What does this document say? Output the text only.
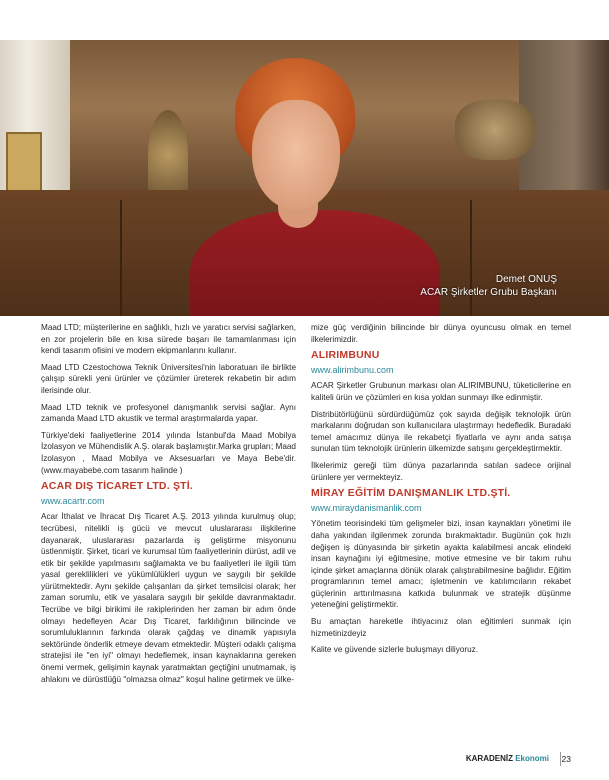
Demet ONUŞ
ACAR Şirketler Grubu Başkanı

Maad LTD; müşterilerine en sağlıklı, hızlı ve yaratıcı servisi sağlarken, en zor projelerin bile en kısa sürede başarı ile tamamlanması için kendi tasarım ofisini ve modern ekipmanlarını kullanır.

Maad LTD Czestochowa Teknik Üniversitesi'nin laboratuarı ile birlikte çalışıp sürekli yeni ürünler ve çözümler üreterek rekabetin bir adım ilerisinde olur.

Maad LTD teknik ve profesyonel danışmanlık servisi sağlar. Aynı zamanda Maad LTD akustik ve termal araştırmalarda yapar.

Türkiye'deki faaliyetlerine 2014 yılında İstanbul'da Maad Mobilya İzolasyon ve Mühendislik A.Ş. olarak başlamıştır.Marka grupları; Maad İzolasyon , Maad Mobilya ve Aksesuarları ve Maya Bebe'dir.(www.mayabebe.com tasarım halinde )

ACAR DIŞ TİCARET LTD. ŞTİ.
www.acartr.com

Acar İthalat ve İhracat Dış Ticaret A.Ş. 2013 yılında kurulmuş olup; tecrübesi, nitelikli iş gücü ve mevcut uluslararası ilişkilerine dayanarak, uluslararası pazarlarda iş geliştirme misyonunu üstlenmiştir. Şirket, ticari ve kurumsal tüm faaliyetlerinin dürüst, adil ve etik bir şekilde yapılmasını sağlamakta ve bu faaliyetleri ile ilgili tüm yasal gereklilikleri ve yükümlülükleri uygun ve saygılı bir şekilde yürütmektedir. Aynı şekilde çalışanları da şirket temsilcisi olarak; her zaman sorumlu, etik ve yasalara saygılı bir şekilde davranmaktadır. Tecrübe ve bilgi birikimi ile rakiplerinden her zaman bir adım önde olmayı hedefleyen Acar Dış Ticaret, farklılığının bilincinde ve sorumluluklarının farkında olarak çağdaş ve dinamik yapısıyla sektöründe önderlik etmeye devam etmektedir. Müşteri odaklı çalışma stratejisi ile "en iyi" olmayı hedeflemek, insan kaynaklarına gereken önemi vermek, gelişimin kaynak yaratmaktan geçtiğini unutmamak, iş ahlakını ve dürüstlüğü "olmazsa olmaz" koşul haline getirmek ve ülke-

mize güç verdiğinin bilincinde bir dünya oyuncusu olmak en temel ilkelerimizdir.

ALIRIMBUNU
www.alirimbunu.com

ACAR Şirketler Grubunun markası olan ALIRIMBUNU, tüketicilerine en kaliteli ürün ve çözümleri en kısa yoldan sunmayı ilke edinmiştir.

Distribütörlüğünü sürdürdüğümüz çok sayıda değişik teknolojik ürün markalarını doğrudan son kullanıcılara ulaştırmayı hedefledik. Buradaki temel amacımız dünya ile rekabetçi fiyatlarla ve aynı anda satışa sunulan tüm teknolojik ürünlerin ülkemizde satışını gerçekleştirmektir.

İlkelerimiz gereği tüm dünya pazarlarında satılan sadece orijinal ürünlere yer vermekteyiz.

MİRAY EĞİTİM DANIŞMANLIK LTD.ŞTİ.
www.miraydanismanlik.com

Yönetim teorisindeki tüm gelişmeler bizi, insan kaynakları yönetimi ile daha yakından ilgilenmek zorunda bırakmaktadır. Bugünün çok hızlı değişen iş dünyasında bir şirketin ayakta kalabilmesi ancak elindeki insan kaynağını iyi eğitmesine, motive etmesine ve bir takım ruhu içinde şirket amaçlarına dönük olarak çalıştırabilmesine bağlıdır. Eğitim programlarının temel amacı; işletmenin ve katılımcıların rekabet güçlerinin arttırılmasına katkıda bulunmak ve stratejik düşünme yeteneğini geliştirmektir.

Bu amaçtan hareketle ihtiyacınız olan eğitimleri sunmak için hizmetinizdeyiz

Kalite ve güvende sizlerle buluşmayı diliyoruz.

KARADENİZ Ekonomi 23
